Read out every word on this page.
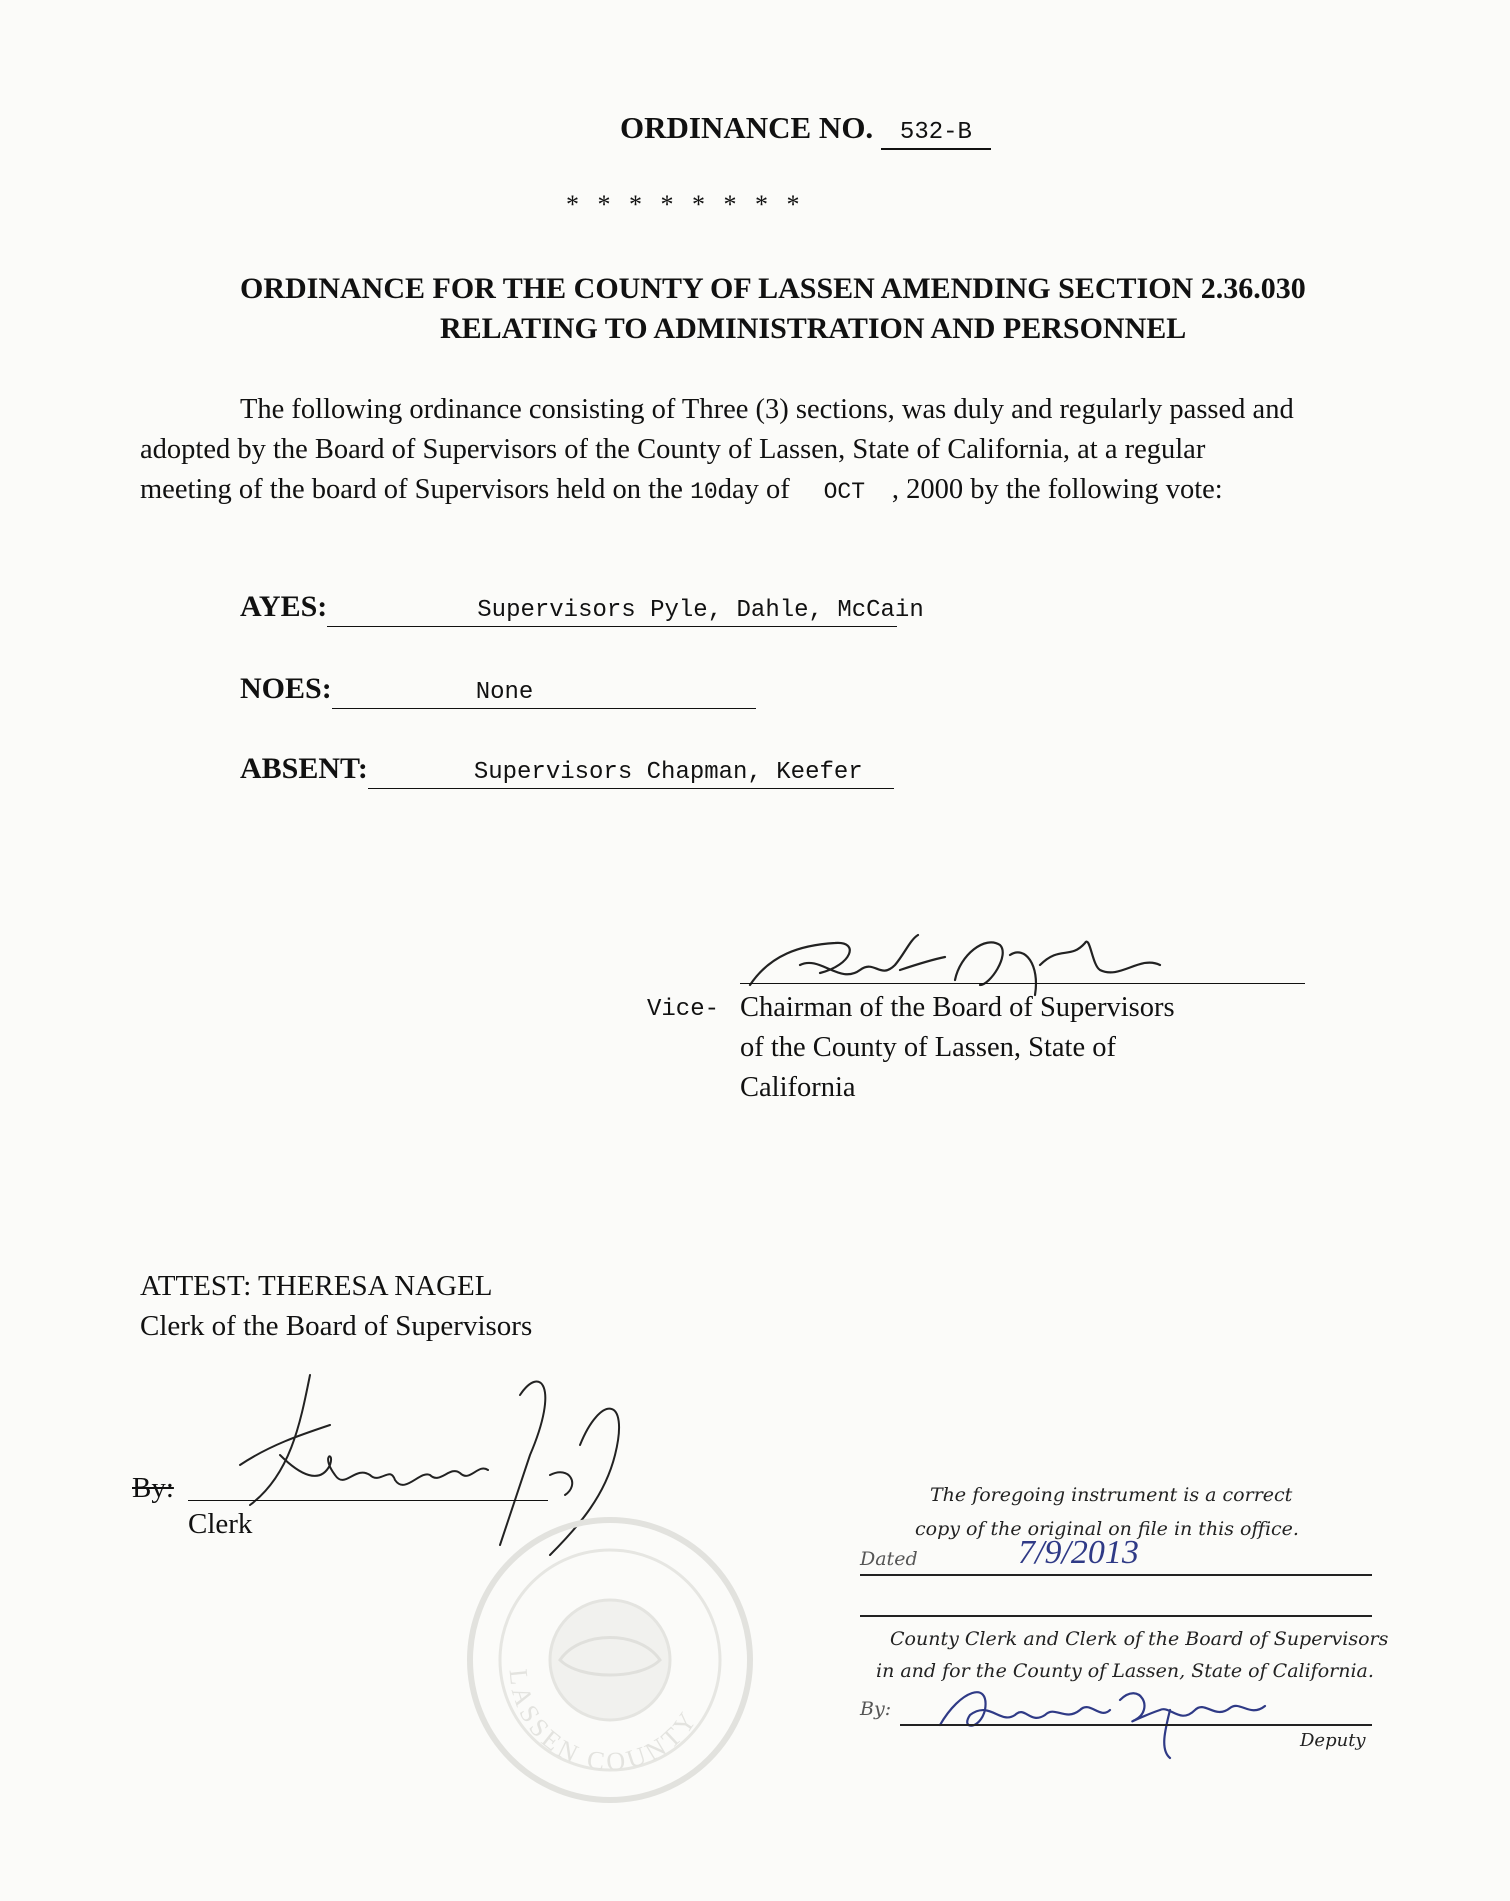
ORDINANCE NO. 532-B
* * * * * * * *
ORDINANCE FOR THE COUNTY OF LASSEN AMENDING SECTION 2.36.030
RELATING TO ADMINISTRATION AND PERSONNEL
The following ordinance consisting of Three (3) sections, was duly and regularly passed and
adopted by the Board of Supervisors of the County of Lassen, State of California, at a regular
meeting of the board of Supervisors held on the 10day of OCT , 2000 by the following vote:
AYES:	Supervisors Pyle, Dahle, McCain
NOES:	None
ABSENT:	Supervisors Chapman, Keefer
Vice- Chairman of the Board of Supervisors
of the County of Lassen, State of
California
ATTEST: THERESA NAGEL
Clerk of the Board of Supervisors
By:
Clerk
LASSEN COUNTY
The foregoing instrument is a correct
copy of the original on file in this office.
Dated	7/9/2013
County Clerk and Clerk of the Board of Supervisors
in and for the County of Lassen, State of California.
By:
Deputy
